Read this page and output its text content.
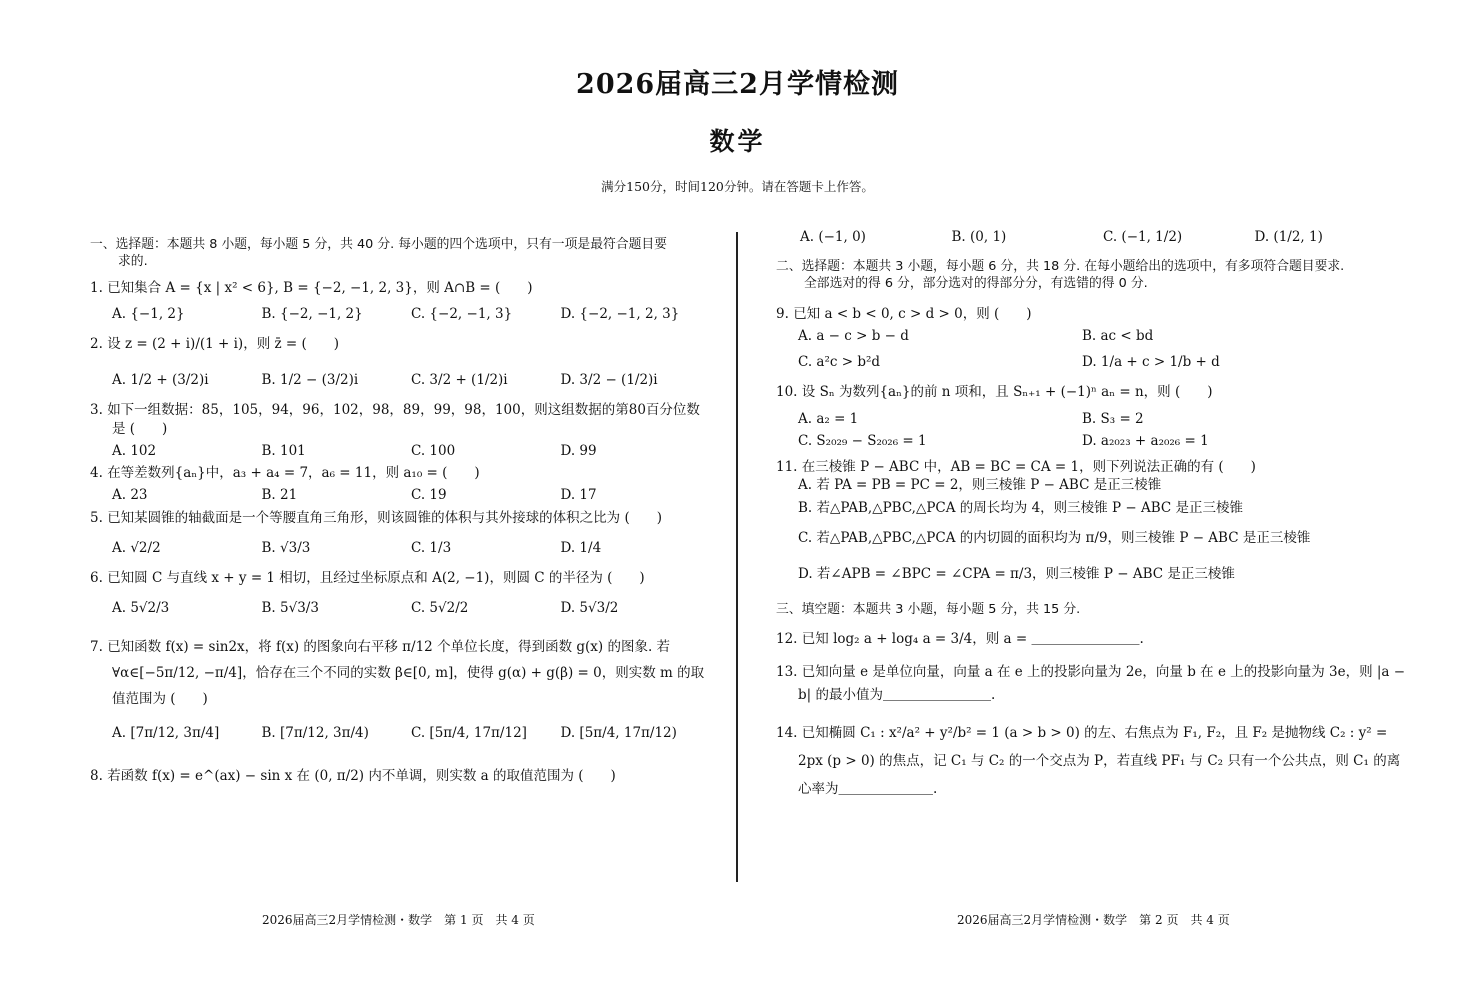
2026届高三2月学情检测
数学
满分150分，时间120分钟。请在答题卡上作答。
一、选择题：本题共 8 小题，每小题 5 分，共 40 分. 每小题的四个选项中，只有一项是最符合题目要
求的.
1. 已知集合 A = {x | x² < 6}, B = {−2, −1, 2, 3}，则 A∩B = (　　)
A. {−1, 2}	B. {−2, −1, 2}	C. {−2, −1, 3}	D. {−2, −1, 2, 3}
2. 设 z = (2 + i)/(1 + i)，则 z̄ = (　　)
A. 1/2 + (3/2)i	B. 1/2 − (3/2)i	C. 3/2 + (1/2)i	D. 3/2 − (1/2)i
3. 如下一组数据：85，105，94，96，102，98，89，99，98，100，则这组数据的第80百分位数是 (　　)
A. 102	B. 101	C. 100	D. 99
4. 在等差数列{aₙ}中，a₃ + a₄ = 7，a₆ = 11，则 a₁₀ = (　　)
A. 23	B. 21	C. 19	D. 17
5. 已知某圆锥的轴截面是一个等腰直角三角形，则该圆锥的体积与其外接球的体积之比为 (　　)
A. √2/2	B. √3/3	C. 1/3	D. 1/4
6. 已知圆 C 与直线 x + y = 1 相切，且经过坐标原点和 A(2, −1)，则圆 C 的半径为 (　　)
A. 5√2/3	B. 5√3/3	C. 5√2/2	D. 5√3/2
7. 已知函数 f(x) = sin2x，将 f(x) 的图象向右平移 π/12 个单位长度，得到函数 g(x) 的图象. 若 ∀α∈[−5π/12, −π/4]，恰存在三个不同的实数 β∈[0, m]，使得 g(α) + g(β) = 0，则实数 m 的取值范围为 (　　)
A. [7π/12, 3π/4]	B. [7π/12, 3π/4)	C. [5π/4, 17π/12]	D. [5π/4, 17π/12)
8. 若函数 f(x) = e^(ax) − sin x 在 (0, π/2) 内不单调，则实数 a 的取值范围为 (　　)
A. (−1, 0)	B. (0, 1)	C. (−1, 1/2)	D. (1/2, 1)
二、选择题：本题共 3 小题，每小题 6 分，共 18 分. 在每小题给出的选项中，有多项符合题目要求.
全部选对的得 6 分，部分选对的得部分分，有选错的得 0 分.
9. 已知 a < b < 0, c > d > 0，则 (　　)
A. a − c > b − d	B. ac < bd
C. a²c > b²d	D. 1/a + c > 1/b + d
10. 设 Sₙ 为数列{aₙ}的前 n 项和，且 Sₙ₊₁ + (−1)ⁿ aₙ = n，则 (　　)
A. a₂ = 1	B. S₃ = 2
C. S₂₀₂₉ − S₂₀₂₆ = 1	D. a₂₀₂₃ + a₂₀₂₆ = 1
11. 在三棱锥 P − ABC 中，AB = BC = CA = 1，则下列说法正确的有 (　　)
A. 若 PA = PB = PC = 2，则三棱锥 P − ABC 是正三棱锥
B. 若△PAB,△PBC,△PCA 的周长均为 4，则三棱锥 P − ABC 是正三棱锥
C. 若△PAB,△PBC,△PCA 的内切圆的面积均为 π/9，则三棱锥 P − ABC 是正三棱锥
D. 若∠APB = ∠BPC = ∠CPA = π/3，则三棱锥 P − ABC 是正三棱锥
三、填空题：本题共 3 小题，每小题 5 分，共 15 分.
12. 已知 log₂ a + log₄ a = 3/4，则 a = ＿＿＿＿＿＿＿＿.
13. 已知向量 e 是单位向量，向量 a 在 e 上的投影向量为 2e，向量 b 在 e 上的投影向量为 3e，则 |a − b| 的最小值为＿＿＿＿＿＿＿＿.
14. 已知椭圆 C₁ : x²/a² + y²/b² = 1 (a > b > 0) 的左、右焦点为 F₁, F₂，且 F₂ 是抛物线 C₂ : y² = 2px (p > 0) 的焦点，记 C₁ 与 C₂ 的一个交点为 P，若直线 PF₁ 与 C₂ 只有一个公共点，则 C₁ 的离心率为＿＿＿＿＿＿＿.
2026届高三2月学情检测・数学　第 1 页　共 4 页	2026届高三2月学情检测・数学　第 2 页　共 4 页
